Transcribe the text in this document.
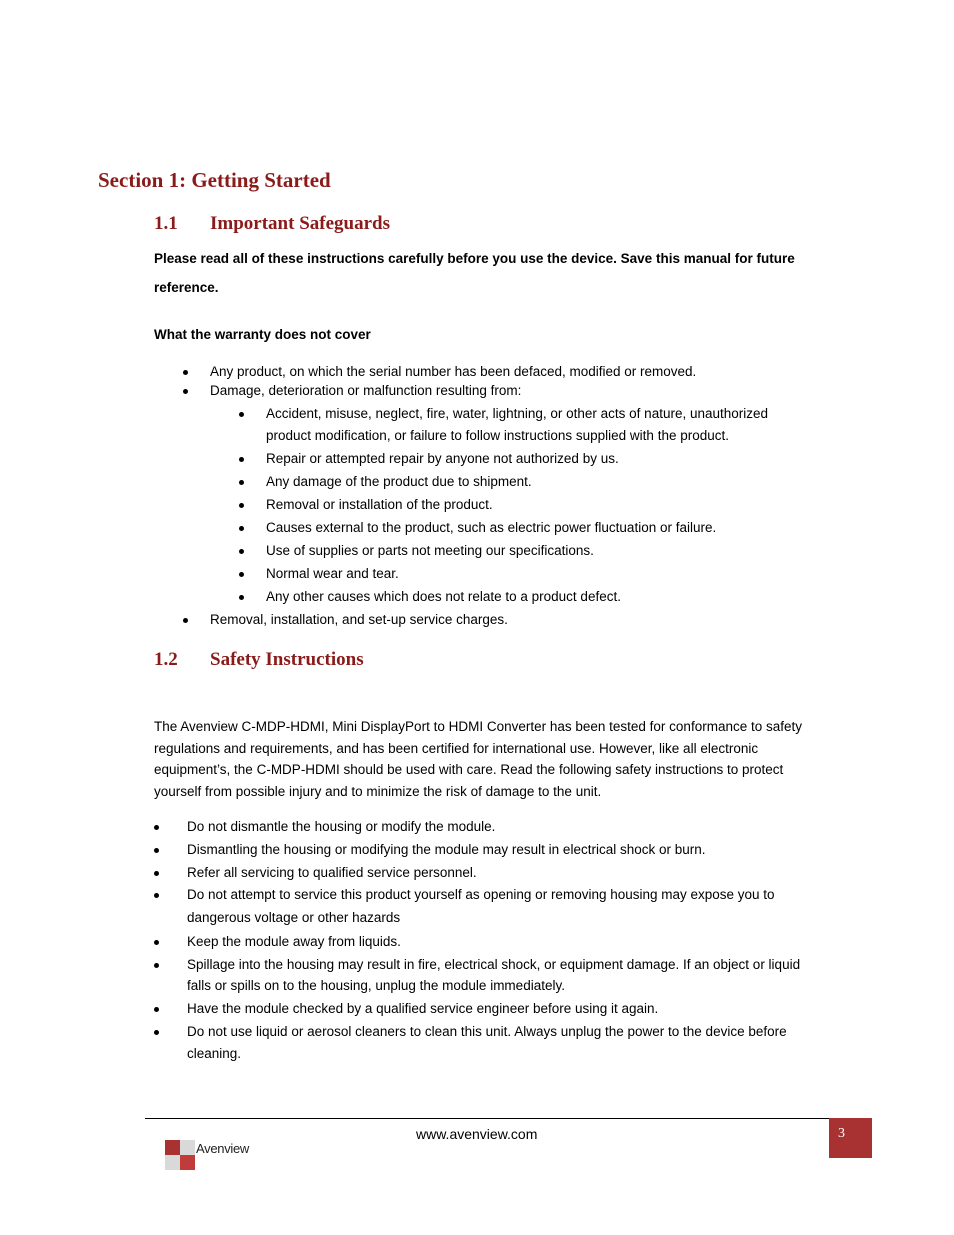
Section 1: Getting Started
1.1 Important Safeguards

Please read all of these instructions carefully before you use the device. Save this manual for future

reference.

What the warranty does not cover

Any product, on which the serial number has been defaced, modified or removed.
Damage, deterioration or malfunction resulting from:
Accident, misuse, neglect, fire, water, lightning, or other acts of nature, unauthorized
product modification, or failure to follow instructions supplied with the product.
Repair or attempted repair by anyone not authorized by us.
Any damage of the product due to shipment.
Removal or installation of the product.
Causes external to the product, such as electric power fluctuation or failure.
Use of supplies or parts not meeting our specifications.
Normal wear and tear.
Any other causes which does not relate to a product defect.
Removal, installation, and set-up service charges.
1.2 Safety Instructions
The Avenview C-MDP-HDMI, Mini DisplayPort to HDMI Converter has been tested for conformance to safety
regulations and requirements, and has been certified for international use. However, like all electronic
equipment’s, the C-MDP-HDMI should be used with care. Read the following safety instructions to protect
yourself from possible injury and to minimize the risk of damage to the unit.
Do not dismantle the housing or modify the module.
Dismantling the housing or modifying the module may result in electrical shock or burn.
Refer all servicing to qualified service personnel.
Do not attempt to service this product yourself as opening or removing housing may expose you to
dangerous voltage or other hazards
Keep the module away from liquids.
Spillage into the housing may result in fire, electrical shock, or equipment damage. If an object or liquid
falls or spills on to the housing, unplug the module immediately.
Have the module checked by a qualified service engineer before using it again.
Do not use liquid or aerosol cleaners to clean this unit. Always unplug the power to the device before
cleaning.
www.avenview.com	3
Avenview
